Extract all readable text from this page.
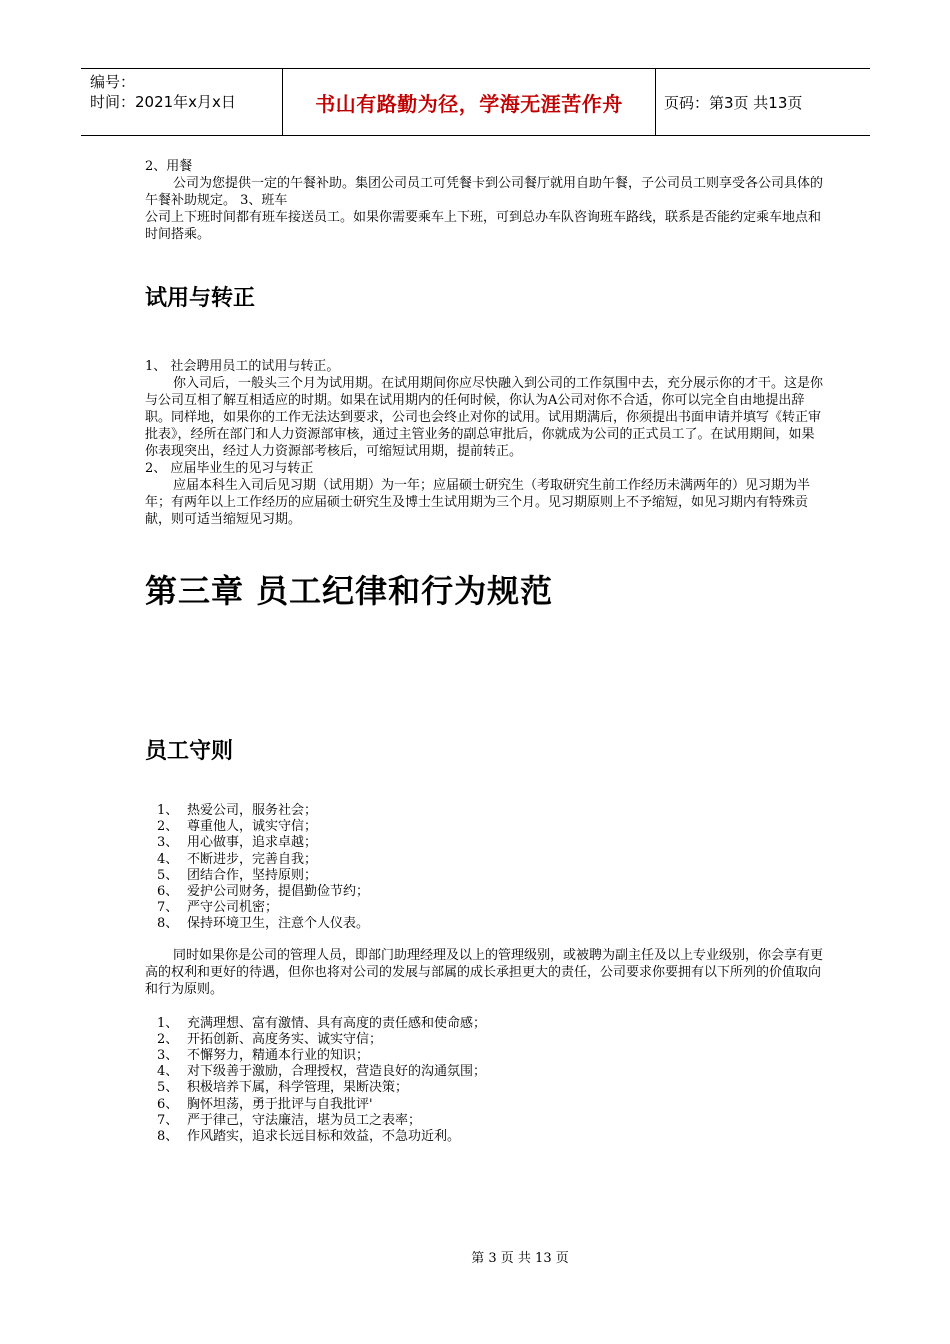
编号：
时间：2021年x月x日	书山有路勤为径，学海无涯苦作舟	页码：第3页 共13页

2、用餐

公司为您提供一定的午餐补助。集团公司员工可凭餐卡到公司餐厅就用自助午餐，子公司员工则享受各公司具体的午餐补助规定。 3、班车

公司上下班时间都有班车接送员工。如果你需要乘车上下班，可到总办车队咨询班车路线，联系是否能约定乘车地点和时间搭乘。

试用与转正

1、 社会聘用员工的试用与转正。

你入司后，一般头三个月为试用期。在试用期间你应尽快融入到公司的工作氛围中去，充分展示你的才干。这是你与公司互相了解互相适应的时期。如果在试用期内的任何时候，你认为A公司对你不合适，你可以完全自由地提出辞职。同样地，如果你的工作无法达到要求，公司也会终止对你的试用。试用期满后，你须提出书面申请并填写《转正审批表》，经所在部门和人力资源部审核，通过主管业务的副总审批后，你就成为公司的正式员工了。在试用期间，如果你表现突出，经过人力资源部考核后，可缩短试用期，提前转正。

2、 应届毕业生的见习与转正

应届本科生入司后见习期（试用期）为一年；应届硕士研究生（考取研究生前工作经历未满两年的）见习期为半年；有两年以上工作经历的应届硕士研究生及博士生试用期为三个月。见习期原则上不予缩短，如见习期内有特殊贡献，则可适当缩短见习期。

第三章 员工纪律和行为规范
员工守则
1、 热爱公司，服务社会；
2、 尊重他人，诚实守信；
3、 用心做事，追求卓越；
4、 不断进步，完善自我；
5、 团结合作，坚持原则；
6、 爱护公司财务，提倡勤俭节约；
7、 严守公司机密；
8、 保持环境卫生，注意个人仪表。

同时如果你是公司的管理人员，即部门助理经理及以上的管理级别，或被聘为副主任及以上专业级别，你会享有更高的权利和更好的待遇，但你也将对公司的发展与部属的成长承担更大的责任，公司要求你要拥有以下所列的价值取向和行为原则。

1、 充满理想、富有激情、具有高度的责任感和使命感；
2、 开拓创新、高度务实、诚实守信；
3、 不懈努力，精通本行业的知识；
4、 对下级善于激励，合理授权，营造良好的沟通氛围；
5、 积极培养下属，科学管理，果断决策；
6、 胸怀坦荡，勇于批评与自我批评'
7、 严于律己，守法廉洁，堪为员工之表率；
8、 作风踏实，追求长远目标和效益，不急功近利。
第 3 页 共 13 页
